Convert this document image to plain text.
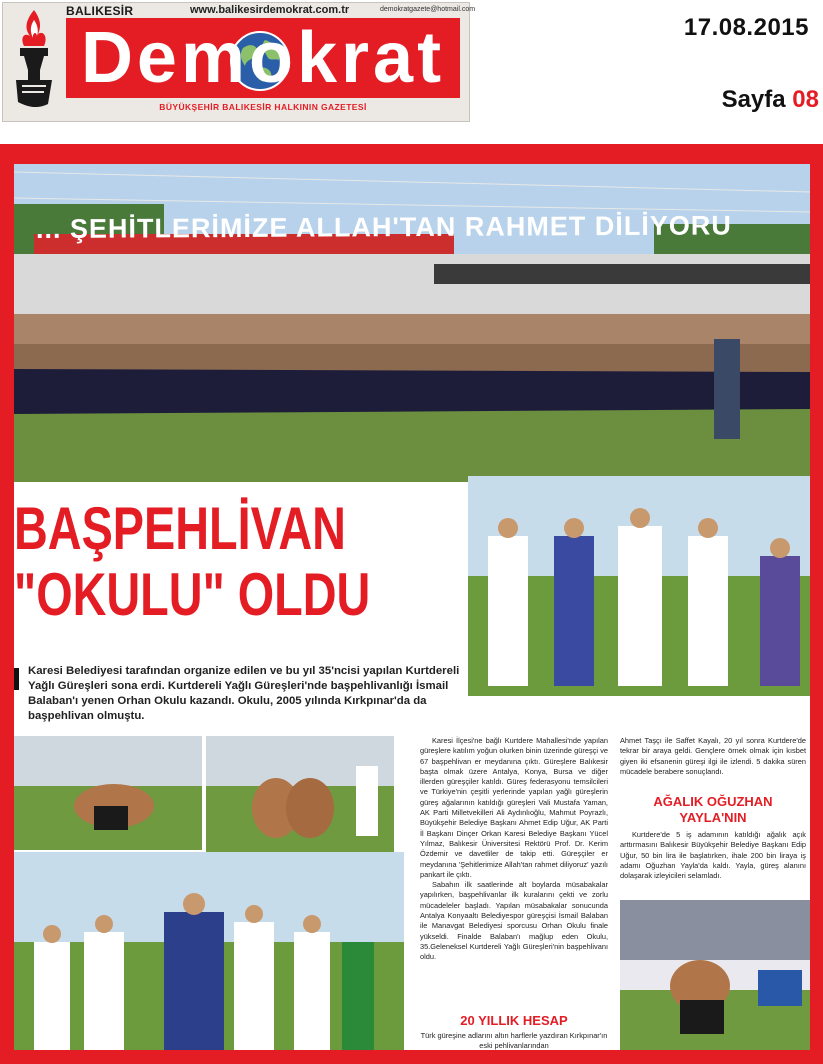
BALIKESİR	www.balikesirdemokrat.com.tr	demokratgazete@hotmail.com
Demokrat
BÜYÜKŞEHİR BALIKESİR HALKININ GAZETESİ
17.08.2015
Sayfa 08
... ŞEHİTLERİMİZE ALLAH'TAN RAHMET DİLİYORU
BAŞPEHLİVAN
"OKULU" OLDU
Karesi Belediyesi tarafından organize edilen ve bu yıl 35'ncisi yapılan Kurtdereli Yağlı Güreşleri sona erdi. Kurtdereli Yağlı Güreşleri'nde başpehlivanlığı İsmail Balaban'ı yenen Orhan Okulu kazandı. Okulu, 2005 yılında Kırkpınar'da da başpehlivan olmuştu.

Karesi İlçesi'ne bağlı Kurtdere Mahallesi'nde yapılan güreşlere katılım yoğun olurken binin üzerinde güreşçi ve 67 başpehlivan er meydanına çıktı. Güreşlere Balıkesir başta olmak üzere Antalya, Konya, Bursa ve diğer illerden güreşçiler katıldı. Güreş federasyonu temsilcileri ve Türkiye'nin çeşitli yerlerinde yapılan yağlı güreşlerin güreş ağalarının katıldığı güreşleri Vali Mustafa Yaman, AK Parti Milletvekilleri Ali Aydınlıoğlu, Mahmut Poyrazlı, Büyükşehir Belediye Başkanı Ahmet Edip Uğur, AK Parti İl Başkanı Dinçer Orkan Karesi Belediye Başkanı Yücel Yılmaz, Balıkesir Üniversitesi Rektörü Prof. Dr. Kerim Özdemir ve davetliler de takip etti. Güreşçiler er meydanına 'Şehitlerimize Allah'tan rahmet diliyoruz' yazılı pankart ile çıktı.

Sabahın ilk saatlerinde alt boylarda müsabakalar yapılırken, başpehlivanlar ilk kuralarını çekti ve zorlu mücadeleler başladı. Yapılan müsabakalar sonucunda Antalya Konyaaltı Belediyespor güreşçisi İsmail Balaban ile Manavgat Belediyesi sporcusu Orhan Okulu finale yükseldi. Finalde Balaban'ı mağlup eden Okulu, 35.Geleneksel Kurtdereli Yağlı Güreşleri'nin başpehlivanı oldu.

20 YILLIK HESAP
Türk güreşine adlarını altın harflerle yazdıran Kırkpınar'ın eski pehlivanlarından
Ahmet Taşçı ile Saffet Kayalı, 20 yıl sonra Kurtdere'de tekrar bir araya geldi. Gençlere örnek olmak için kısbet giyen iki efsanenin güreşi ilgi ile izlendi. 5 dakika süren mücadele berabere sonuçlandı.
AĞALIK OĞUZHAN
YAYLA'NIN

Kurtdere'de 5 iş adamının katıldığı ağalık açık arttırmasını Balıkesir Büyükşehir Belediye Başkanı Edip Uğur, 50 bin lira ile başlatırken, ihale 200 bin liraya iş adamı Oğuzhan Yayla'da kaldı. Yayla, güreş alanını dolaşarak izleyicileri selamladı.
